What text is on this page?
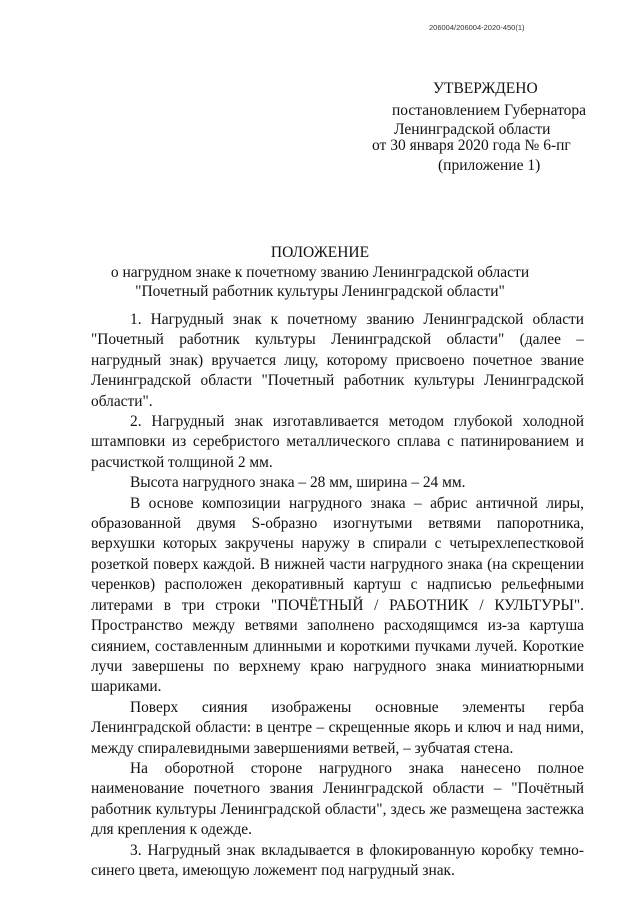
206004/206004-2020-450(1)
УТВЕРЖДЕНО
постановлением Губернатора
Ленинградской области
от 30 января 2020 года № 6-пг
(приложение 1)
ПОЛОЖЕНИЕ
о нагрудном знаке к почетному званию Ленинградской области
"Почетный работник культуры Ленинградской области"

1. Нагрудный знак к почетному званию Ленинградской области "Почетный работник культуры Ленинградской области" (далее – нагрудный знак) вручается лицу, которому присвоено почетное звание Ленинградской области "Почетный работник культуры Ленинградской области".

2. Нагрудный знак изготавливается методом глубокой холодной штамповки из серебристого металлического сплава с патинированием и расчисткой толщиной 2 мм.

Высота нагрудного знака – 28 мм, ширина – 24 мм.

В основе композиции нагрудного знака – абрис античной лиры, образованной двумя S-образно изогнутыми ветвями папоротника, верхушки которых закручены наружу в спирали с четырехлепестковой розеткой поверх каждой. В нижней части нагрудного знака (на скрещении черенков) расположен декоративный картуш с надписью рельефными литерами в три строки "ПОЧЁТНЫЙ / РАБОТНИК / КУЛЬТУРЫ". Пространство между ветвями заполнено расходящимся из-за картуша сиянием, составленным длинными и короткими пучками лучей. Короткие лучи завершены по верхнему краю нагрудного знака миниатюрными шариками.

Поверх сияния изображены основные элементы герба Ленинградской области: в центре – скрещенные якорь и ключ и над ними, между спиралевидными завершениями ветвей, – зубчатая стена.

На оборотной стороне нагрудного знака нанесено полное наименование почетного звания Ленинградской области – "Почётный работник культуры Ленинградской области", здесь же размещена застежка для крепления к одежде.

3. Нагрудный знак вкладывается в флокированную коробку темно-синего цвета, имеющую ложемент под нагрудный знак.
